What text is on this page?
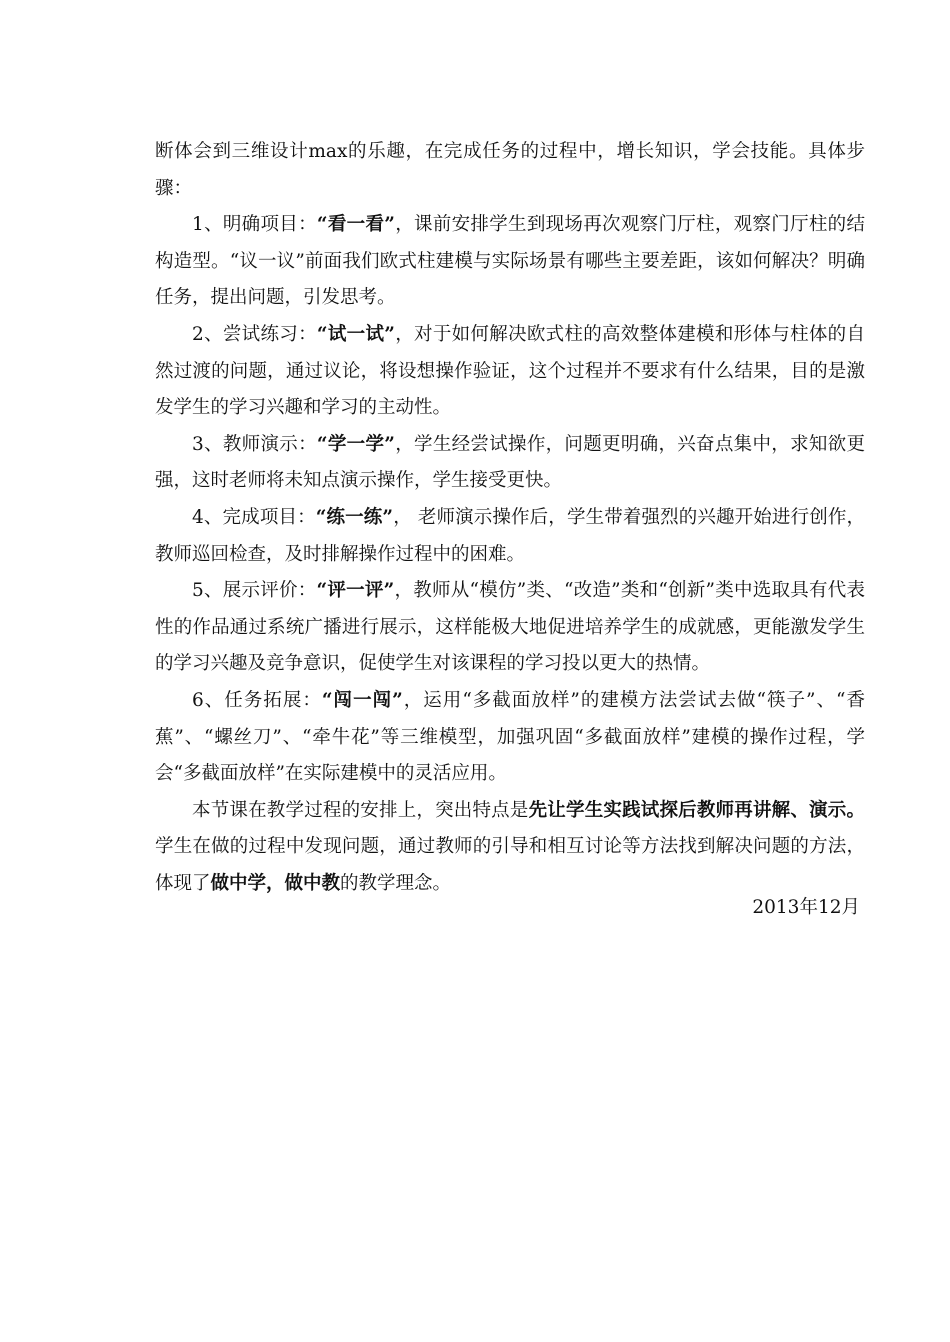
断体会到三维设计max的乐趣，在完成任务的过程中，增长知识，学会技能。具体步骤：

1、明确项目：“看一看”，课前安排学生到现场再次观察门厅柱，观察门厅柱的结构造型。“议一议”前面我们欧式柱建模与实际场景有哪些主要差距，该如何解决？明确任务，提出问题，引发思考。

2、尝试练习：“试一试”，对于如何解决欧式柱的高效整体建模和形体与柱体的自然过渡的问题，通过议论，将设想操作验证，这个过程并不要求有什么结果，目的是激发学生的学习兴趣和学习的主动性。

3、教师演示：“学一学”，学生经尝试操作，问题更明确，兴奋点集中，求知欲更强，这时老师将未知点演示操作，学生接受更快。

4、完成项目：“练一练”， 老师演示操作后，学生带着强烈的兴趣开始进行创作，教师巡回检查，及时排解操作过程中的困难。

5、展示评价：“评一评”，教师从“模仿”类、“改造”类和“创新”类中选取具有代表性的作品通过系统广播进行展示，这样能极大地促进培养学生的成就感，更能激发学生的学习兴趣及竞争意识，促使学生对该课程的学习投以更大的热情。

6、任务拓展：“闯一闯”，运用“多截面放样”的建模方法尝试去做“筷子”、“香蕉”、“螺丝刀”、“牵牛花”等三维模型，加强巩固“多截面放样”建模的操作过程，学会“多截面放样”在实际建模中的灵活应用。

本节课在教学过程的安排上，突出特点是先让学生实践试探后教师再讲解、演示。学生在做的过程中发现问题，通过教师的引导和相互讨论等方法找到解决问题的方法，体现了做中学，做中教的教学理念。

2013年12月
